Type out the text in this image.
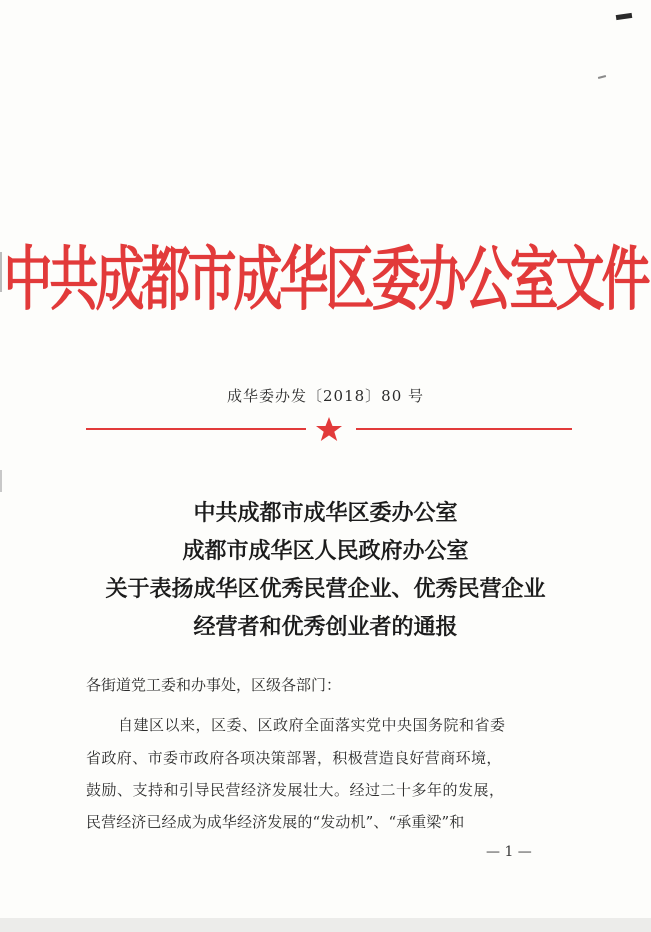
中共成都市成华区委办公室文件
成华委办发〔2018〕80 号
中共成都市成华区委办公室
成都市成华区人民政府办公室
关于表扬成华区优秀民营企业、优秀民营企业
经营者和优秀创业者的通报
各街道党工委和办事处，区级各部门：
自建区以来，区委、区政府全面落实党中央国务院和省委
省政府、市委市政府各项决策部署，积极营造良好营商环境，
鼓励、支持和引导民营经济发展壮大。经过二十多年的发展，
民营经济已经成为成华经济发展的“发动机”、“承重梁”和
— 1 —
